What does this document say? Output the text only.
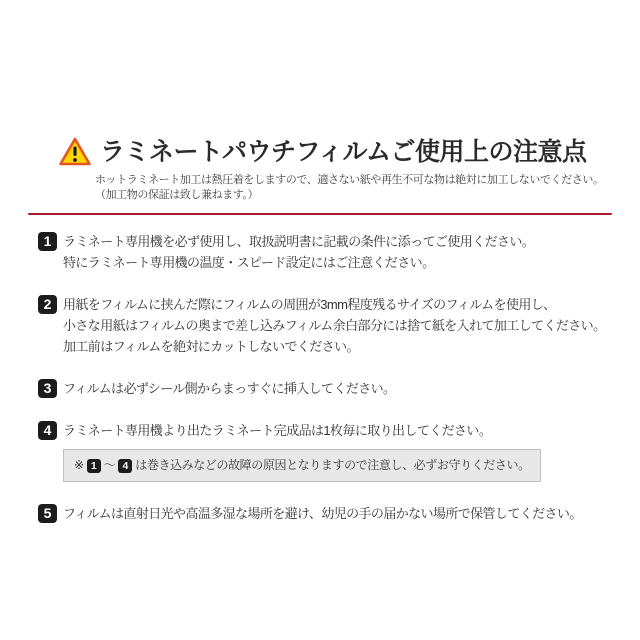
ラミネートパウチフィルムご使用上の注意点
ホットラミネート加工は熱圧着をしますので、適さない紙や再生不可な物は絶対に加工しないでください。
（加工物の保証は致し兼ねます。）
1 ラミネート専用機を必ず使用し、取扱説明書に記載の条件に添ってご使用ください。

特にラミネート専用機の温度・スピード設定にはご注意ください。

2 用紙をフィルムに挟んだ際にフィルムの周囲が3mm程度残るサイズのフィルムを使用し、

小さな用紙はフィルムの奥まで差し込みフィルム余白部分には捨て紙を入れて加工してください。

加工前はフィルムを絶対にカットしないでください。

3 フィルムは必ずシール側からまっすぐに挿入してください。

4 ラミネート専用機より出たラミネート完成品は1枚毎に取り出してください。

※ 1 ～ 4 は巻き込みなどの故障の原因となりますので注意し、必ずお守りください。
5 フィルムは直射日光や高温多湿な場所を避け、幼児の手の届かない場所で保管してください。
